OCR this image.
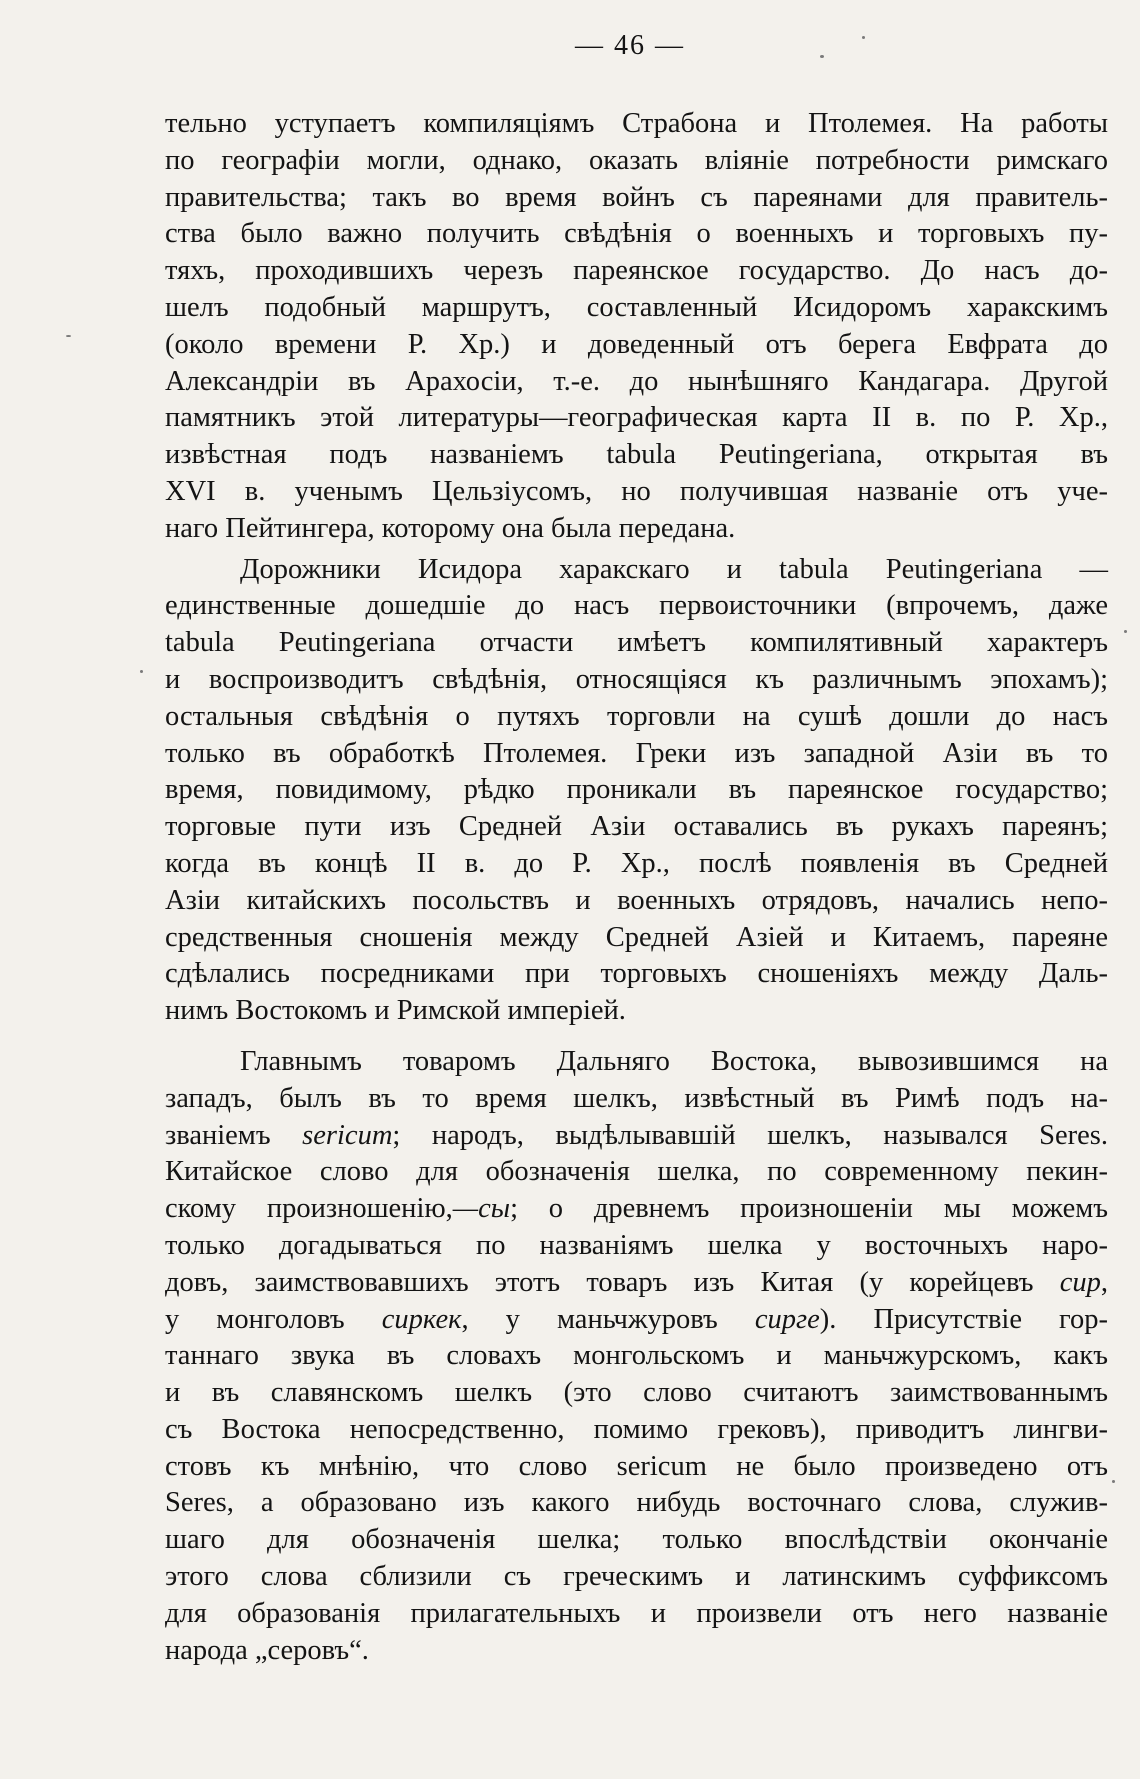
— 46 —
тельно уступаетъ компиляціямъ Страбона и Птолемея. На работы
по географіи могли, однако, оказать вліяніе потребности римскаго
правительства; такъ во время войнъ съ пареянами для правитель-
ства было важно получить свѣдѣнія о военныхъ и торговыхъ пу-
тяхъ, проходившихъ черезъ пареянское государство. До насъ до-
шелъ подобный маршрутъ, составленный Исидоромъ харакскимъ
(около времени Р. Хр.) и доведенный отъ берега Евфрата до
Александріи въ Арахосіи, т.-е. до нынѣшняго Кандагара. Другой
памятникъ этой литературы—географическая карта II в. по Р. Хр.,
извѣстная подъ названіемъ tabula Peutingeriana, открытая въ
XVI в. ученымъ Цельзіусомъ, но получившая названіе отъ уче-
наго Пейтингера, которому она была передана.
Дорожники Исидора харакскаго и tabula Peutingeriana —
единственные дошедшіе до насъ первоисточники (впрочемъ, даже
tabula Peutingeriana отчасти имѣетъ компилятивный характеръ
и воспроизводитъ свѣдѣнія, относящіяся къ различнымъ эпохамъ);
остальныя свѣдѣнія о путяхъ торговли на сушѣ дошли до насъ
только въ обработкѣ Птолемея. Греки изъ западной Азіи въ то
время, повидимому, рѣдко проникали въ пареянское государство;
торговые пути изъ Средней Азіи оставались въ рукахъ пареянъ;
когда въ концѣ II в. до Р. Хр., послѣ появленія въ Средней
Азіи китайскихъ посольствъ и военныхъ отрядовъ, начались непо-
средственныя сношенія между Средней Азіей и Китаемъ, пареяне
сдѣлались посредниками при торговыхъ сношеніяхъ между Даль-
нимъ Востокомъ и Римской имперіей.
Главнымъ товаромъ Дальняго Востока, вывозившимся на
западъ, былъ въ то время шелкъ, извѣстный въ Римѣ подъ на-
званіемъ sericum; народъ, выдѣлывавшій шелкъ, назывался Seres.
Китайское слово для обозначенія шелка, по современному пекин-
скому произношенію,—сы; о древнемъ произношеніи мы можемъ
только догадываться по названіямъ шелка у восточныхъ наро-
довъ, заимствовавшихъ этотъ товаръ изъ Китая (у корейцевъ сир,
у монголовъ сиркек, у маньчжуровъ сиргe). Присутствіе гор-
таннаго звука въ словахъ монгольскомъ и маньчжурскомъ, какъ
и въ славянскомъ шелкъ (это слово считаютъ заимствованнымъ
съ Востока непосредственно, помимо грековъ), приводитъ лингви-
стовъ къ мнѣнію, что слово sericum не было произведено отъ
Seres, а образовано изъ какого нибудь восточнаго слова, служив-
шаго для обозначенія шелка; только впослѣдствіи окончаніе
этого слова сблизили съ греческимъ и латинскимъ суффиксомъ
для образованія прилагательныхъ и произвели отъ него названіе
народа „серовъ“.
